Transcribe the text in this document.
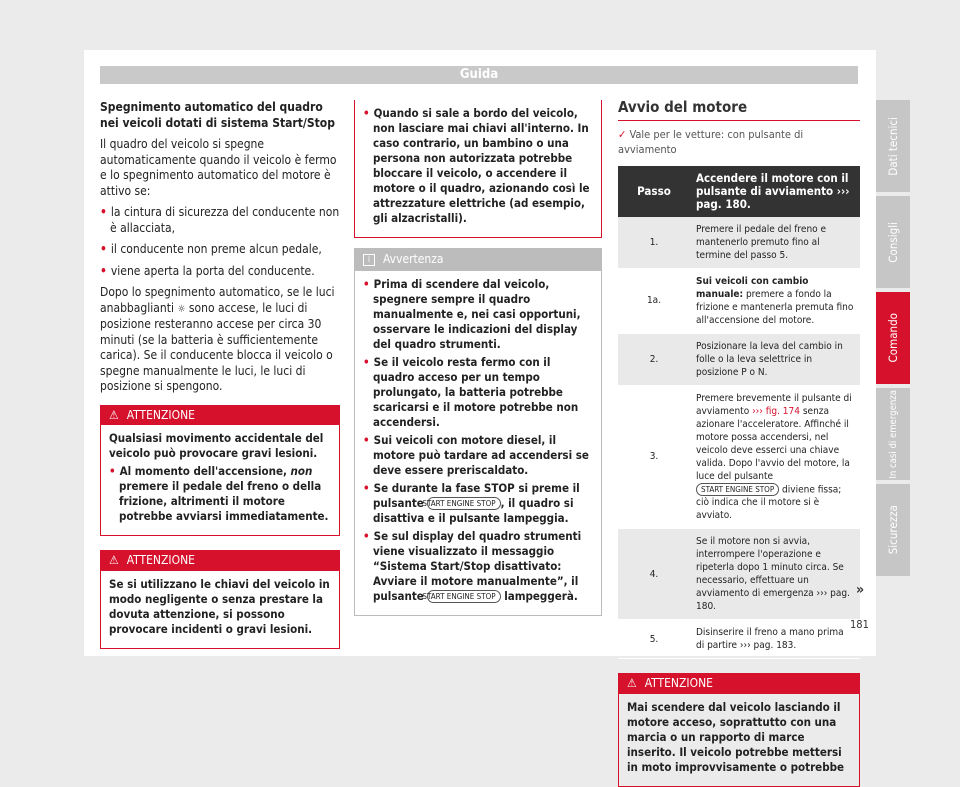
Guida

Spegnimento automatico del quadro nei veicoli dotati di sistema Start/Stop

Il quadro del veicolo si spegne automaticamente quando il veicolo è fermo e lo spegnimento automatico del motore è attivo se:

• la cintura di sicurezza del conducente non è allacciata,

• il conducente non preme alcun pedale,

• viene aperta la porta del conducente.

Dopo lo spegnimento automatico, se le luci anabbaglianti ☼ sono accese, le luci di posizione resteranno accese per circa 30 minuti (se la batteria è sufficientemente carica). Se il conducente blocca il veicolo o spegne manualmente le luci, le luci di posizione si spengono.

⚠ ATTENZIONE

Qualsiasi movimento accidentale del veicolo può provocare gravi lesioni.

• Al momento dell'accensione, non premere il pedale del freno o della frizione, altrimenti il motore potrebbe avviarsi immediatamente.

⚠ ATTENZIONE

Se si utilizzano le chiavi del veicolo in modo negligente o senza prestare la dovuta attenzione, si possono provocare incidenti o gravi lesioni.

• Quando si sale a bordo del veicolo, non lasciare mai chiavi all'interno. In caso contrario, un bambino o una persona non autorizzata potrebbe bloccare il veicolo, o accendere il motore o il quadro, azionando così le attrezzature elettriche (ad esempio, gli alzacristalli).

i	Avvertenza

• Prima di scendere dal veicolo, spegnere sempre il quadro manualmente e, nei casi opportuni, osservare le indicazioni del display del quadro strumenti.

• Se il veicolo resta fermo con il quadro acceso per un tempo prolungato, la batteria potrebbe scaricarsi e il motore potrebbe non accendersi.

• Sui veicoli con motore diesel, il motore può tardare ad accendersi se deve essere preriscaldato.

• Se durante la fase STOP si preme il pulsante START ENGINE STOP , il quadro si disattiva e il pulsante lampeggia.

• Se sul display del quadro strumenti viene visualizzato il messaggio “Sistema Start/Stop disattivato: Avviare il motore manualmente”, il pulsante START ENGINE STOP lampeggerà.

Avvio del motore
✓ Vale per le vetture: con pulsante di avviamento
Passo	Accendere il motore con il pulsante di avviamento ››› pag. 180.
1.	Premere il pedale del freno e mantenerlo premuto fino al termine del passo 5.
1a.	Sui veicoli con cambio manuale: premere a fondo la frizione e mantenerla premuta fino all'accensione del motore.
2.	Posizionare la leva del cambio in folle o la leva selettrice in posizione P o N.
3.	Premere brevemente il pulsante di avviamento ››› fig. 174 senza azionare l'acceleratore. Affinché il motore possa accendersi, nel veicolo deve esserci una chiave valida. Dopo l'avvio del motore, la luce del pulsante START ENGINE STOP diviene fissa; ciò indica che il motore si è avviato.
4.	Se il motore non si avvia, interrompere l'operazione e ripeterla dopo 1 minuto circa. Se necessario, effettuare un avviamento di emergenza ››› pag. 180.
5.	Disinserire il freno a mano prima di partire ››› pag. 183.
⚠ ATTENZIONE

Mai scendere dal veicolo lasciando il motore acceso, soprattutto con una marcia o un rapporto di marce inserito. Il veicolo potrebbe mettersi in moto improvvisamente o potrebbe

Dati tecnici
Consigli
Comando
In casi di emergenza
Sicurezza
»
181
